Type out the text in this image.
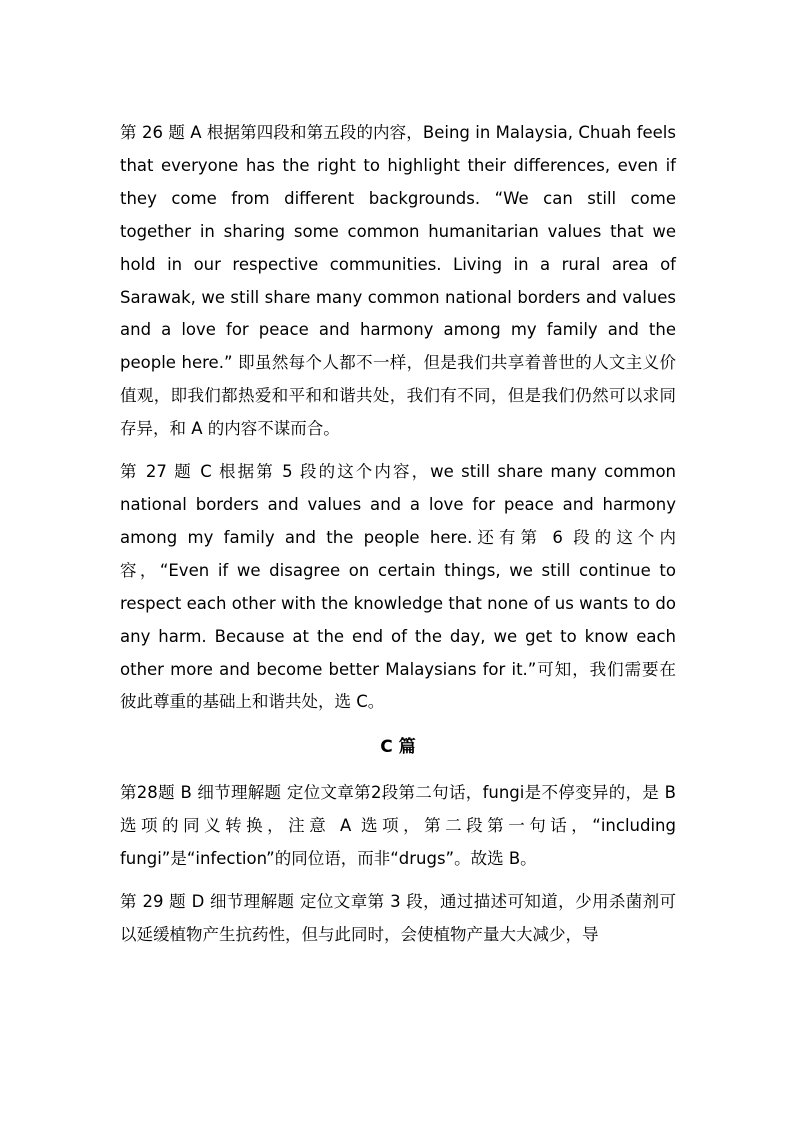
第 26 题 A 根据第四段和第五段的内容，Being in Malaysia, Chuah feels that everyone has the right to highlight their differences, even if they come from different backgrounds. “We can still come together in sharing some common humanitarian values that we hold in our respective communities. Living in a rural area of Sarawak, we still share many common national borders and values and a love for peace and harmony among my family and the people here.” 即虽然每个人都不一样，但是我们共享着普世的人文主义价值观，即我们都热爱和平和和谐共处，我们有不同，但是我们仍然可以求同存异，和 A 的内容不谋而合。

第 27 题 C 根据第 5 段的这个内容，we still share many common national borders and values and a love for peace and harmony among my family and the people here.还有第 6 段的这个内容，“Even if we disagree on certain things, we still continue to respect each other with the knowledge that none of us wants to do any harm. Because at the end of the day, we get to know each other more and become better Malaysians for it.”可知，我们需要在彼此尊重的基础上和谐共处，选 C。

C 篇

第28题 B 细节理解题 定位文章第2段第二句话，fungi是不停变异的，是 B 选项的同义转换，注意 A 选项，第二段第一句话，“including fungi”是“infection”的同位语，而非“drugs”。故选 B。

第 29 题 D 细节理解题 定位文章第 3 段，通过描述可知道，少用杀菌剂可以延缓植物产生抗药性，但与此同时，会使植物产量大大减少，导
